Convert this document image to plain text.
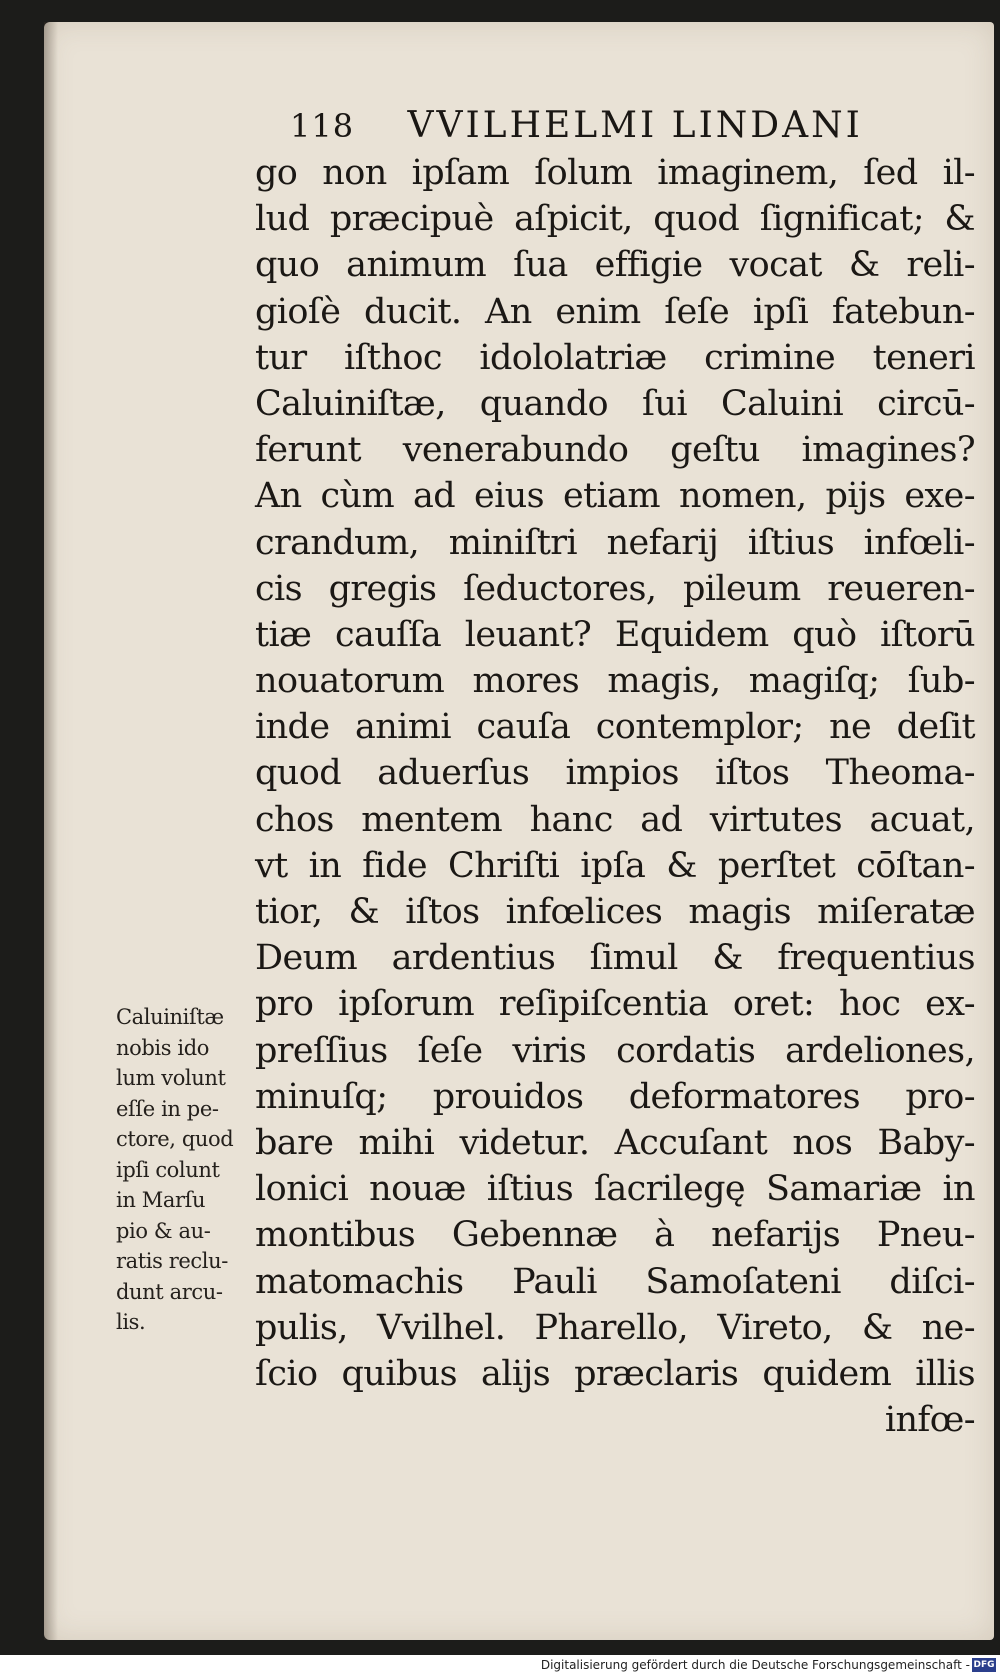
118 VVILHELMI LINDANI
go non ipſam ſolum imaginem, ſed il-
lud præcipuè aſpicit, quod ſignificat; &
quo animum ſua effigie vocat & reli-
gioſè ducit. An enim ſeſe ipſi fatebun-
tur iſthoc idololatriæ crimine teneri
Caluiniſtæ, quando ſui Caluini circū-
ferunt venerabundo geſtu imagines?
An cùm ad eius etiam nomen, pijs exe-
crandum, miniſtri nefarij iſtius infœli-
cis gregis ſeductores, pileum reueren-
tiæ cauſſa leuant? Equidem quò iſtorū
nouatorum mores magis, magiſq; ſub-
inde animi cauſa contemplor; ne deſit
quod aduerſus impios iſtos Theoma-
chos mentem hanc ad virtutes acuat,
vt in fide Chriſti ipſa & perſtet cōſtan-
tior, & iſtos infœlices magis miſeratæ
Deum ardentius ſimul & frequentius
pro ipſorum reſipiſcentia oret: hoc ex-
preſſius ſeſe viris cordatis ardeliones,
minuſq; prouidos deformatores pro-
bare mihi videtur. Accuſant nos Baby-
lonici nouæ iſtius ſacrilegę Samariæ in
montibus Gebennæ à nefarijs Pneu-
matomachis Pauli Samoſateni diſci-
pulis, Vvilhel. Pharello, Vireto, & ne-
ſcio quibus alijs præclaris quidem illis
infœ-
Caluiniſtæ
nobis ido
lum volunt
eſſe in pe-
ctore, quod
ipſi colunt
in Marſu
pio & au-
ratis reclu-
dunt arcu-
lis.
Digitalisierung gefördert durch die Deutsche Forschungsgemeinschaft - DFG
